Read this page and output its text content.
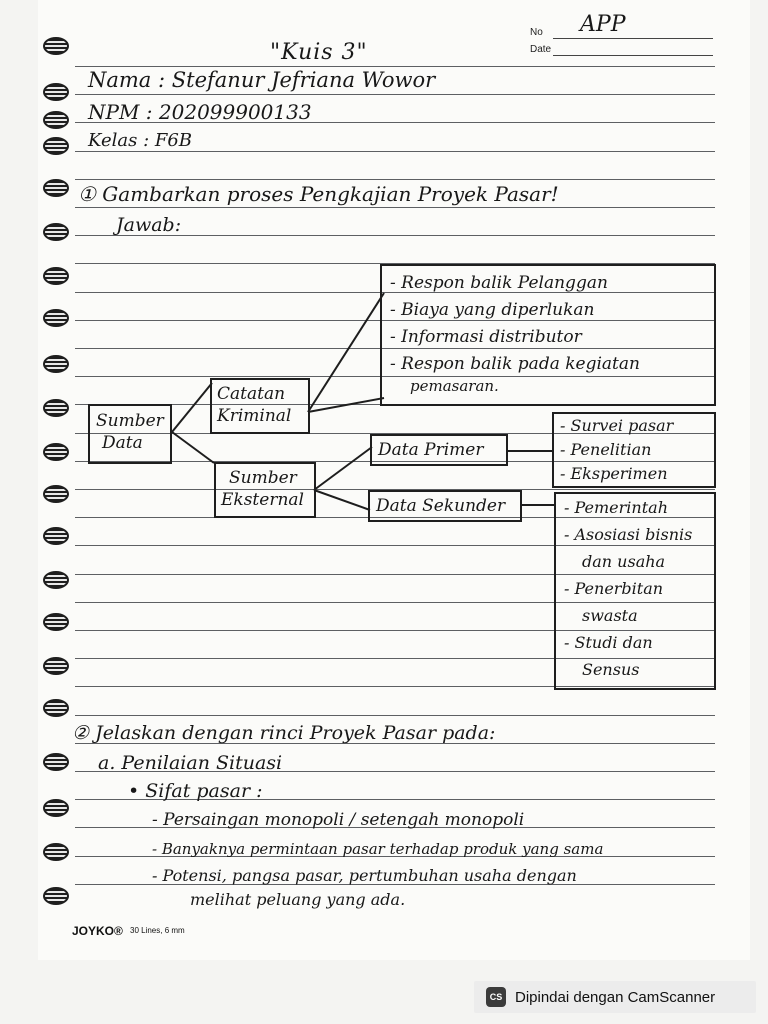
No
Date
APP
"Kuis 3"
Nama : Stefanur Jefriana Wowor
NPM : 202099900133
Kelas : F6B
① Gambarkan proses Pengkajian Proyek Pasar!
Jawab:
Sumber
Data
Catatan
Kriminal
Sumber
Eksternal
- Respon balik Pelanggan
- Biaya yang diperlukan
- Informasi distributor
- Respon balik pada kegiatan
pemasaran.
Data Primer
Data Sekunder
- Survei pasar
- Penelitian
- Eksperimen
- Pemerintah
- Asosiasi bisnis
dan usaha
- Penerbitan
swasta
- Studi dan
Sensus
② Jelaskan dengan rinci Proyek Pasar pada:
a. Penilaian Situasi
• Sifat pasar :
- Persaingan monopoli / setengah monopoli
- Banyaknya permintaan pasar terhadap produk yang sama
- Potensi, pangsa pasar, pertumbuhan usaha dengan
melihat peluang yang ada.
JOYKO® 30 Lines, 6 mm
CS Dipindai dengan CamScanner
